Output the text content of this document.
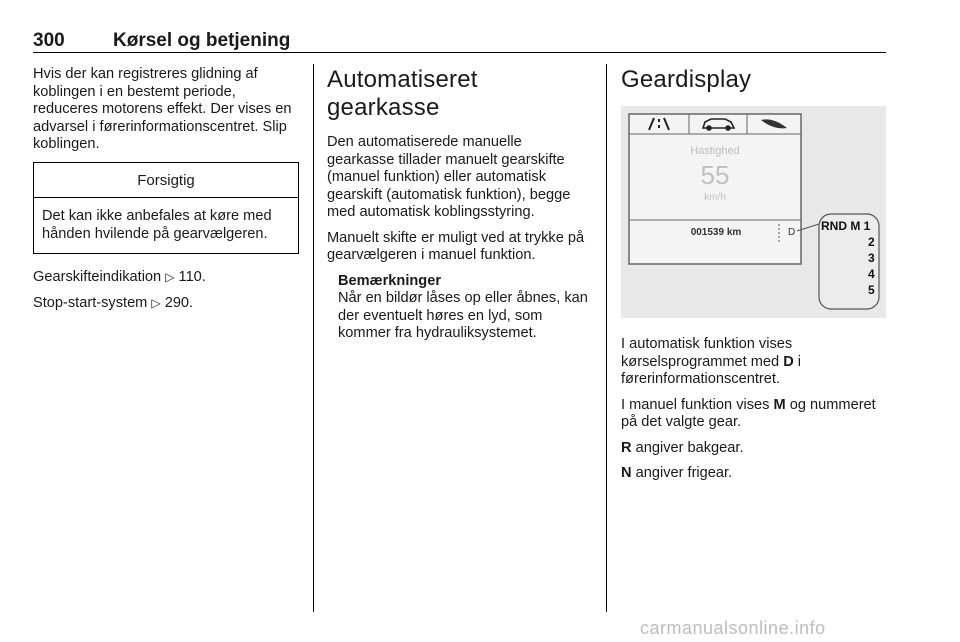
300	Kørsel og betjening

Hvis der kan registreres glidning af koblingen i en bestemt periode, reduceres motorens effekt. Der vises en advarsel i førerinformationscentret. Slip koblingen.

Forsigtig
Det kan ikke anbefales at køre med hånden hvilende på gearvælgeren.

Gearskifteindikation ▷ 110.

Stop-start-system ▷ 290.

Automatiseret
gearkasse

Den automatiserede manuelle gearkasse tillader manuelt gearskifte (manuel funktion) eller automatisk gearskift (automatisk funktion), begge med automatisk koblingsstyring.

Manuelt skifte er muligt ved at trykke på gearvælgeren i manuel funktion.

Bemærkninger
Når en bildør låses op eller åbnes, kan der eventuelt høres en lyd, som kommer fra hydrauliksystemet.
Geardisplay
Hastighed
55
km/h
001539 km	D RND M 1
2
3
4
5

I automatisk funktion vises kørselsprogrammet med D i førerinformationscentret.

I manuel funktion vises M og nummeret på det valgte gear.

R angiver bakgear.

N angiver frigear.

carmanualsonline.info
